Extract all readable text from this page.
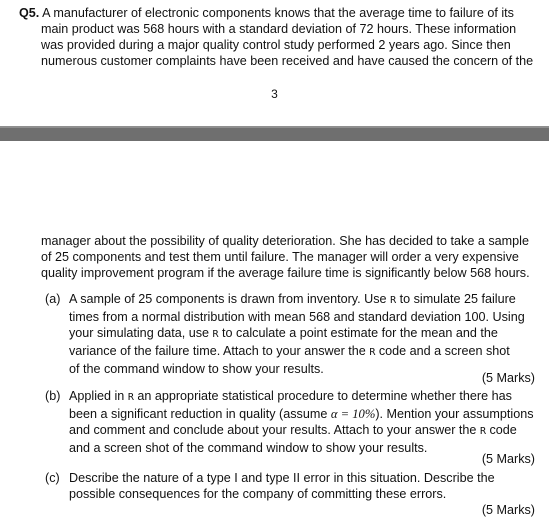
Q5. A manufacturer of electronic components knows that the average time to failure of its
main product was 568 hours with a standard deviation of 72 hours. These information
was provided during a major quality control study performed 2 years ago. Since then
numerous customer complaints have been received and have caused the concern of the
3
manager about the possibility of quality deterioration. She has decided to take a sample
of 25 components and test them until failure. The manager will order a very expensive
quality improvement program if the average failure time is significantly below 568 hours.
(a) A sample of 25 components is drawn from inventory. Use R to simulate 25 failure
times from a normal distribution with mean 568 and standard deviation 100. Using
your simulating data, use R to calculate a point estimate for the mean and the
variance of the failure time. Attach to your answer the R code and a screen shot
of the command window to show your results.
(5 Marks)
(b) Applied in R an appropriate statistical procedure to determine whether there has
been a significant reduction in quality (assume α = 10%). Mention your assumptions
and comment and conclude about your results. Attach to your answer the R code
and a screen shot of the command window to show your results.
(5 Marks)
(c) Describe the nature of a type I and type II error in this situation. Describe the
possible consequences for the company of committing these errors.
(5 Marks)
